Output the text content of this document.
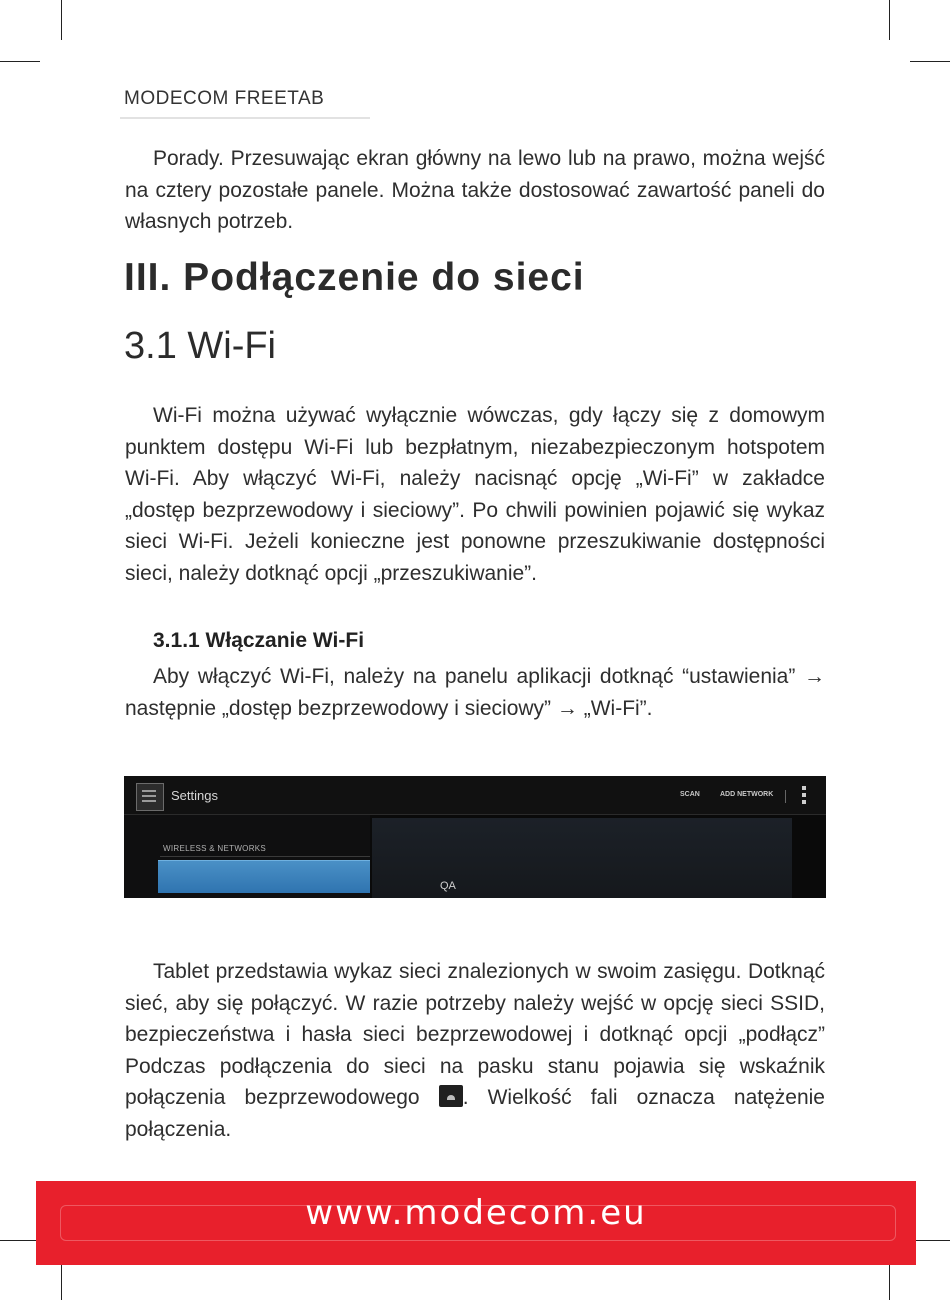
MODECOM FREETAB

Porady. Przesuwając ekran główny na lewo lub na prawo, można wejść na cztery pozostałe panele. Można także dostosować zawartość paneli do własnych potrzeb.

III. Podłączenie do sieci
3.1 Wi-Fi

Wi-Fi można używać wyłącznie wówczas, gdy łączy się z domowym punktem dostępu Wi-Fi lub bezpłatnym, niezabezpieczonym hotspotem Wi-Fi. Aby włączyć Wi-Fi, należy nacisnąć opcję „Wi-Fi” w zakładce „dostęp bezprzewodowy i sieciowy”. Po chwili powinien pojawić się wykaz sieci Wi-Fi. Jeżeli konieczne jest ponowne przeszukiwanie dostępności sieci, należy dotknąć opcji „przeszukiwanie”.

3.1.1 Włączanie Wi-Fi

Aby włączyć Wi-Fi, należy na panelu aplikacji dotknąć “ustawienia” → następnie „dostęp bezprzewodowy i sieciowy” → „Wi-Fi”.

Settings	SCAN	ADD NETWORK
WIRELESS & NETWORKS
QA

Tablet przedstawia wykaz sieci znalezionych w swoim zasięgu. Dotknąć sieć, aby się połączyć. W razie potrzeby należy wejść w opcję sieci SSID, bezpieczeństwa i hasła sieci bezprzewodowej i dotknąć opcji „podłącz” Podczas podłączenia do sieci na pasku stanu pojawia się wskaźnik połączenia bezprzewodowego
. Wielkość fali oznacza natężenie połączenia.

www.modecom.eu
